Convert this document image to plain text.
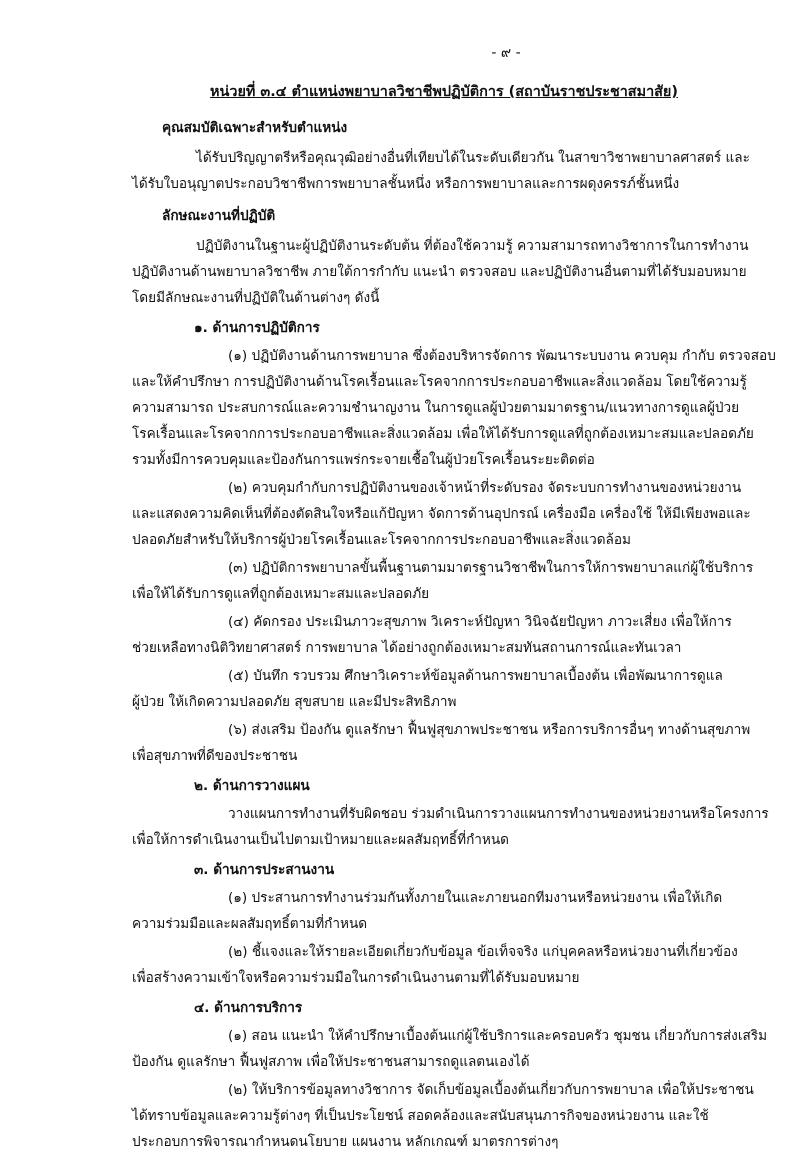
- ๙ -
หน่วยที่ ๓.๔ ตำแหน่งพยาบาลวิชาชีพปฏิบัติการ (สถาบันราชประชาสมาสัย)
คุณสมบัติเฉพาะสำหรับตำแหน่ง
ได้รับปริญญาตรีหรือคุณวุฒิอย่างอื่นที่เทียบได้ในระดับเดียวกัน ในสาขาวิชาพยาบาลศาสตร์ และ
ได้รับใบอนุญาตประกอบวิชาชีพการพยาบาลชั้นหนึ่ง หรือการพยาบาลและการผดุงครรภ์ชั้นหนึ่ง
ลักษณะงานที่ปฏิบัติ
ปฏิบัติงานในฐานะผู้ปฏิบัติงานระดับต้น ที่ต้องใช้ความรู้ ความสามารถทางวิชาการในการทำงาน
ปฏิบัติงานด้านพยาบาลวิชาชีพ ภายใต้การกำกับ แนะนำ ตรวจสอบ และปฏิบัติงานอื่นตามที่ได้รับมอบหมาย
โดยมีลักษณะงานที่ปฏิบัติในด้านต่างๆ ดังนี้
๑. ด้านการปฏิบัติการ
(๑) ปฏิบัติงานด้านการพยาบาล ซึ่งต้องบริหารจัดการ พัฒนาระบบงาน ควบคุม กำกับ ตรวจสอบ
และให้คำปรึกษา การปฏิบัติงานด้านโรคเรื้อนและโรคจากการประกอบอาชีพและสิ่งแวดล้อม โดยใช้ความรู้
ความสามารถ ประสบการณ์และความชำนาญงาน ในการดูแลผู้ป่วยตามมาตรฐาน/แนวทางการดูแลผู้ป่วย
โรคเรื้อนและโรคจากการประกอบอาชีพและสิ่งแวดล้อม เพื่อให้ได้รับการดูแลที่ถูกต้องเหมาะสมและปลอดภัย
รวมทั้งมีการควบคุมและป้องกันการแพร่กระจายเชื้อในผู้ป่วยโรคเรื้อนระยะติดต่อ
(๒) ควบคุมกำกับการปฏิบัติงานของเจ้าหน้าที่ระดับรอง จัดระบบการทำงานของหน่วยงาน
และแสดงความคิดเห็นที่ต้องตัดสินใจหรือแก้ปัญหา จัดการด้านอุปกรณ์ เครื่องมือ เครื่องใช้ ให้มีเพียงพอและ
ปลอดภัยสำหรับให้บริการผู้ป่วยโรคเรื้อนและโรคจากการประกอบอาชีพและสิ่งแวดล้อม
(๓) ปฏิบัติการพยาบาลขั้นพื้นฐานตามมาตรฐานวิชาชีพในการให้การพยาบาลแก่ผู้ใช้บริการ
เพื่อให้ได้รับการดูแลที่ถูกต้องเหมาะสมและปลอดภัย
(๔) คัดกรอง ประเมินภาวะสุขภาพ วิเคราะห์ปัญหา วินิจฉัยปัญหา ภาวะเสี่ยง เพื่อให้การ
ช่วยเหลือทางนิติวิทยาศาสตร์ การพยาบาล ได้อย่างถูกต้องเหมาะสมทันสถานการณ์และทันเวลา
(๕) บันทึก รวบรวม ศึกษาวิเคราะห์ข้อมูลด้านการพยาบาลเบื้องต้น เพื่อพัฒนาการดูแล
ผู้ป่วย ให้เกิดความปลอดภัย สุขสบาย และมีประสิทธิภาพ
(๖) ส่งเสริม ป้องกัน ดูแลรักษา ฟื้นฟูสุขภาพประชาชน หรือการบริการอื่นๆ ทางด้านสุขภาพ
เพื่อสุขภาพที่ดีของประชาชน
๒. ด้านการวางแผน
วางแผนการทำงานที่รับผิดชอบ ร่วมดำเนินการวางแผนการทำงานของหน่วยงานหรือโครงการ
เพื่อให้การดำเนินงานเป็นไปตามเป้าหมายและผลสัมฤทธิ์ที่กำหนด
๓. ด้านการประสานงาน
(๑) ประสานการทำงานร่วมกันทั้งภายในและภายนอกทีมงานหรือหน่วยงาน เพื่อให้เกิด
ความร่วมมือและผลสัมฤทธิ์ตามที่กำหนด
(๒) ชี้แจงและให้รายละเอียดเกี่ยวกับข้อมูล ข้อเท็จจริง แก่บุคคลหรือหน่วยงานที่เกี่ยวข้อง
เพื่อสร้างความเข้าใจหรือความร่วมมือในการดำเนินงานตามที่ได้รับมอบหมาย
๔. ด้านการบริการ
(๑) สอน แนะนำ ให้คำปรึกษาเบื้องต้นแก่ผู้ใช้บริการและครอบครัว ชุมชน เกี่ยวกับการส่งเสริม
ป้องกัน ดูแลรักษา ฟื้นฟูสภาพ เพื่อให้ประชาชนสามารถดูแลตนเองได้
(๒) ให้บริการข้อมูลทางวิชาการ จัดเก็บข้อมูลเบื้องต้นเกี่ยวกับการพยาบาล เพื่อให้ประชาชน
ได้ทราบข้อมูลและความรู้ต่างๆ ที่เป็นประโยชน์ สอดคล้องและสนับสนุนภารกิจของหน่วยงาน และใช้
ประกอบการพิจารณากำหนดนโยบาย แผนงาน หลักเกณฑ์ มาตรการต่างๆ
